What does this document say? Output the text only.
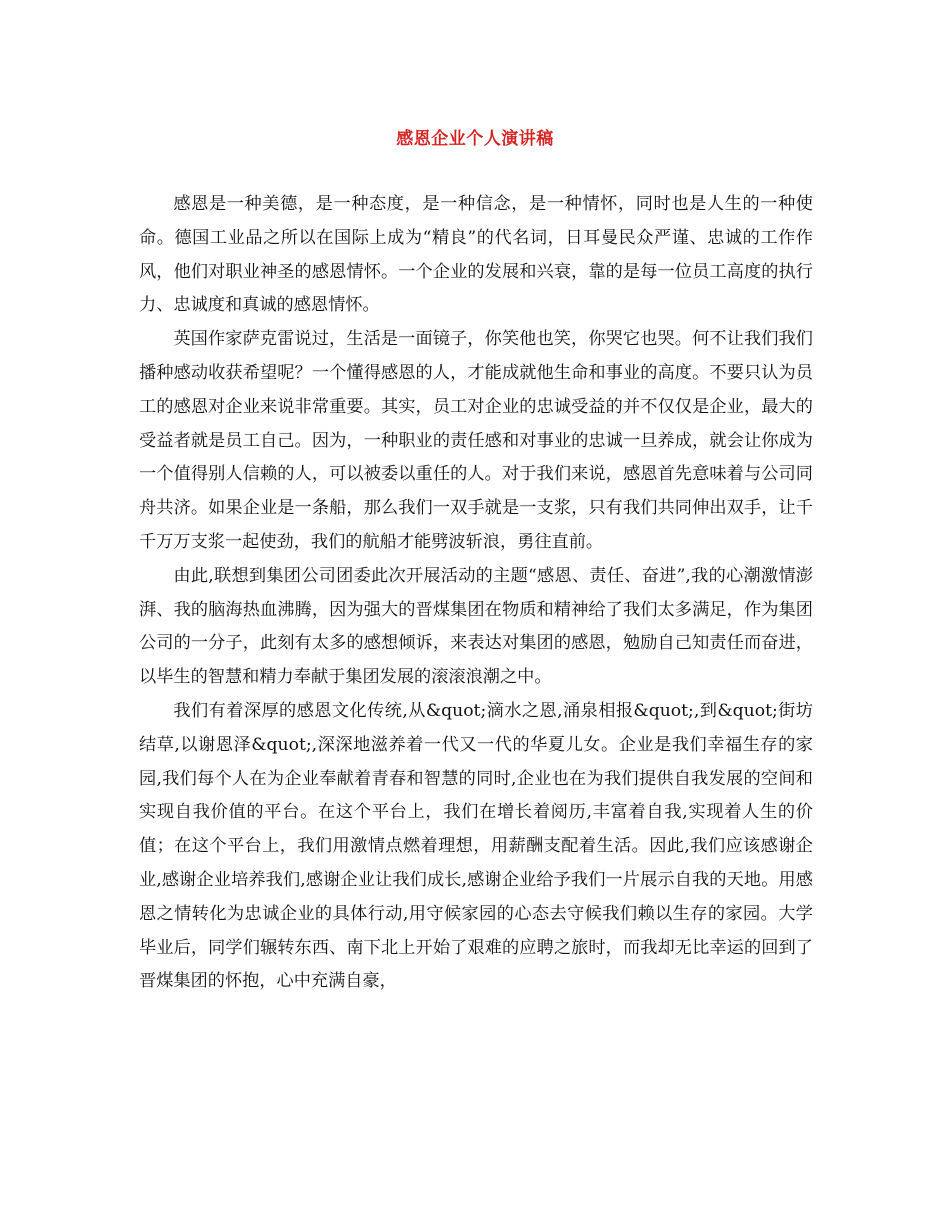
感恩企业个人演讲稿

感恩是一种美德，是一种态度，是一种信念，是一种情怀，同时也是人生的一种使命。德国工业品之所以在国际上成为“精良”的代名词，日耳曼民众严谨、忠诚的工作作风，他们对职业神圣的感恩情怀。一个企业的发展和兴衰，靠的是每一位员工高度的执行力、忠诚度和真诚的感恩情怀。

英国作家萨克雷说过，生活是一面镜子，你笑他也笑，你哭它也哭。何不让我们我们播种感动收获希望呢？一个懂得感恩的人，才能成就他生命和事业的高度。不要只认为员工的感恩对企业来说非常重要。其实，员工对企业的忠诚受益的并不仅仅是企业，最大的受益者就是员工自己。因为，一种职业的责任感和对事业的忠诚一旦养成，就会让你成为一个值得别人信赖的人，可以被委以重任的人。对于我们来说，感恩首先意味着与公司同舟共济。如果企业是一条船，那么我们一双手就是一支浆，只有我们共同伸出双手，让千千万万支浆一起使劲，我们的航船才能劈波斩浪，勇往直前。

由此,联想到集团公司团委此次开展活动的主题“感恩、责任、奋进”,我的心潮激情澎湃、我的脑海热血沸腾，因为强大的晋煤集团在物质和精神给了我们太多满足，作为集团公司的一分子，此刻有太多的感想倾诉，来表达对集团的感恩，勉励自己知责任而奋进，以毕生的智慧和精力奉献于集团发展的滚滚浪潮之中。

我们有着深厚的感恩文化传统,从&quot;滴水之恩,涌泉相报&quot;,到&quot;街坊结草,以谢恩泽&quot;,深深地滋养着一代又一代的华夏儿女。企业是我们幸福生存的家园,我们每个人在为企业奉献着青春和智慧的同时,企业也在为我们提供自我发展的空间和实现自我价值的平台。在这个平台上，我们在增长着阅历,丰富着自我,实现着人生的价值；在这个平台上，我们用激情点燃着理想，用薪酬支配着生活。因此,我们应该感谢企业,感谢企业培养我们,感谢企业让我们成长,感谢企业给予我们一片展示自我的天地。用感恩之情转化为忠诚企业的具体行动,用守候家园的心态去守候我们赖以生存的家园。大学毕业后，同学们辗转东西、南下北上开始了艰难的应聘之旅时，而我却无比幸运的回到了晋煤集团的怀抱，心中充满自豪，
